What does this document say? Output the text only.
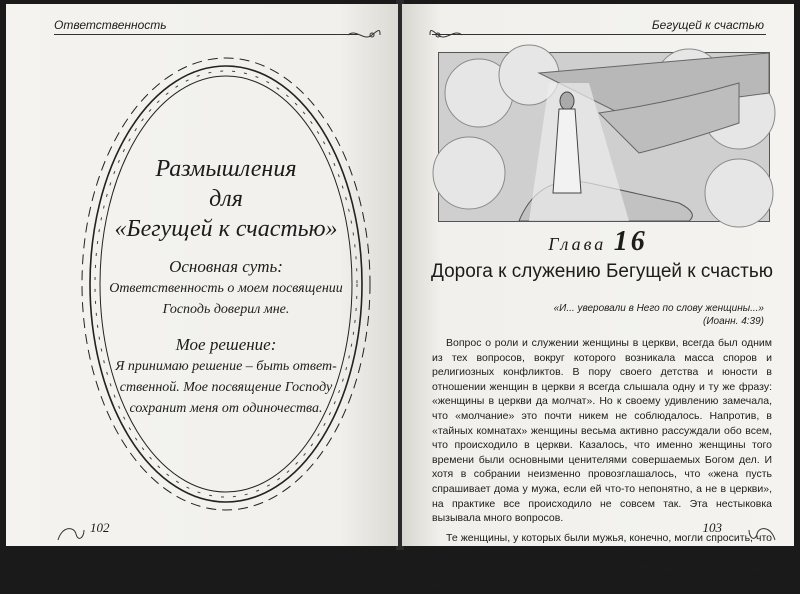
Ответственность
Размышления
для
«Бегущей к счастью»
Основная суть:
Ответственность о моем посвящении Господь доверил мне.
Мое решение:
Я принимаю решение – быть ответ-ственной. Мое посвящение Господу сохранит меня от одиночества.
102
Бегущей к счастью
Глава 16
Дорога к служению Бегущей к счастью
«И... уверовали в Него по слову женщины...»
(Иоанн. 4:39)

Вопрос о роли и служении женщины в церкви, всегда был одним из тех вопросов, вокруг которого возникала масса споров и религиозных конфликтов. В пору своего детства и юности в отношении женщин в церкви я всегда слышала одну и ту же фразу: «женщины в церкви да молчат». Но к своему удивлению замечала, что «молчание» это почти никем не соблюдалось. Напротив, в «тайных комнатах» женщины весьма активно рассуждали обо всем, что происходило в церкви. Казалось, что именно женщины того времени были основными ценителями совершаемых Богом дел. И хотя в собрании неизменно провозглашалось, что «жена пусть спрашивает дома у мужа, если ей что-то непонятно, а не в церкви», на практике все происходило не совсем так. Эта нестыковка вызывала много вопросов.

Те женщины, у которых были мужья, конечно, могли спросить, что им непонятно, дома у своих мужей. А что было делать тем женщинам, у которых мужей не было? Они задавали вопросы друг другу.

103
